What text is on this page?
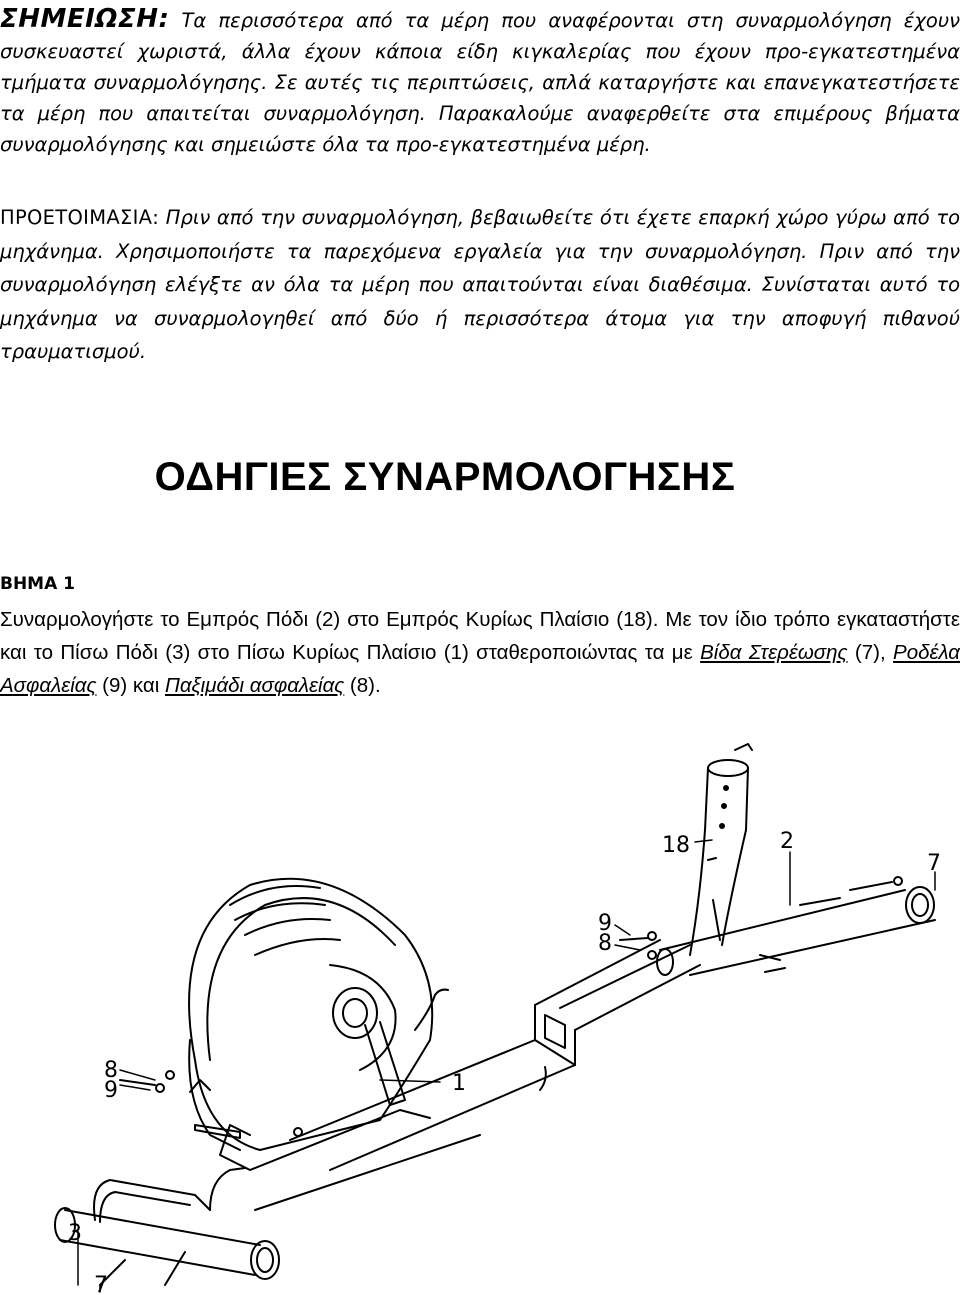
ΣΗΜΕΙΩΣΗ: Τα περισσότερα από τα μέρη που αναφέρονται στη συναρμολόγηση έχουν συσκευαστεί χωριστά, άλλα έχουν κάποια είδη κιγκαλερίας που έχουν προ-εγκατεστημένα τμήματα συναρμολόγησης. Σε αυτές τις περιπτώσεις, απλά καταργήστε και επανεγκατεστήσετε τα μέρη που απαιτείται συναρμολόγηση. Παρακαλούμε αναφερθείτε στα επιμέρους βήματα συναρμολόγησης και σημειώστε όλα τα προ-εγκατεστημένα μέρη.
ΠΡΟΕΤΟΙΜΑΣΙΑ: Πριν από την συναρμολόγηση, βεβαιωθείτε ότι έχετε επαρκή χώρο γύρω από το μηχάνημα. Χρησιμοποιήστε τα παρεχόμενα εργαλεία για την συναρμολόγηση. Πριν από την συναρμολόγηση ελέγξτε αν όλα τα μέρη που απαιτούνται είναι διαθέσιμα. Συνίσταται αυτό το μηχάνημα να συναρμολογηθεί από δύο ή περισσότερα άτομα για την αποφυγή πιθανού τραυματισμού.
ΟΔΗΓΙΕΣ ΣΥΝΑΡΜΟΛΟΓΗΣΗΣ
ΒΗΜΑ 1
Συναρμολογήστε το Εμπρός Πόδι (2) στο Εμπρός Κυρίως Πλαίσιο (18). Με τον ίδιο τρόπο εγκαταστήστε και το Πίσω Πόδι (3) στο Πίσω Κυρίως Πλαίσιο (1) σταθεροποιώντας τα με Βίδα Στερέωσης (7), Ροδέλα Ασφαλείας (9) και Παξιμάδι ασφαλείας (8).
18	2
7
9
8
1
8
9
3
7
